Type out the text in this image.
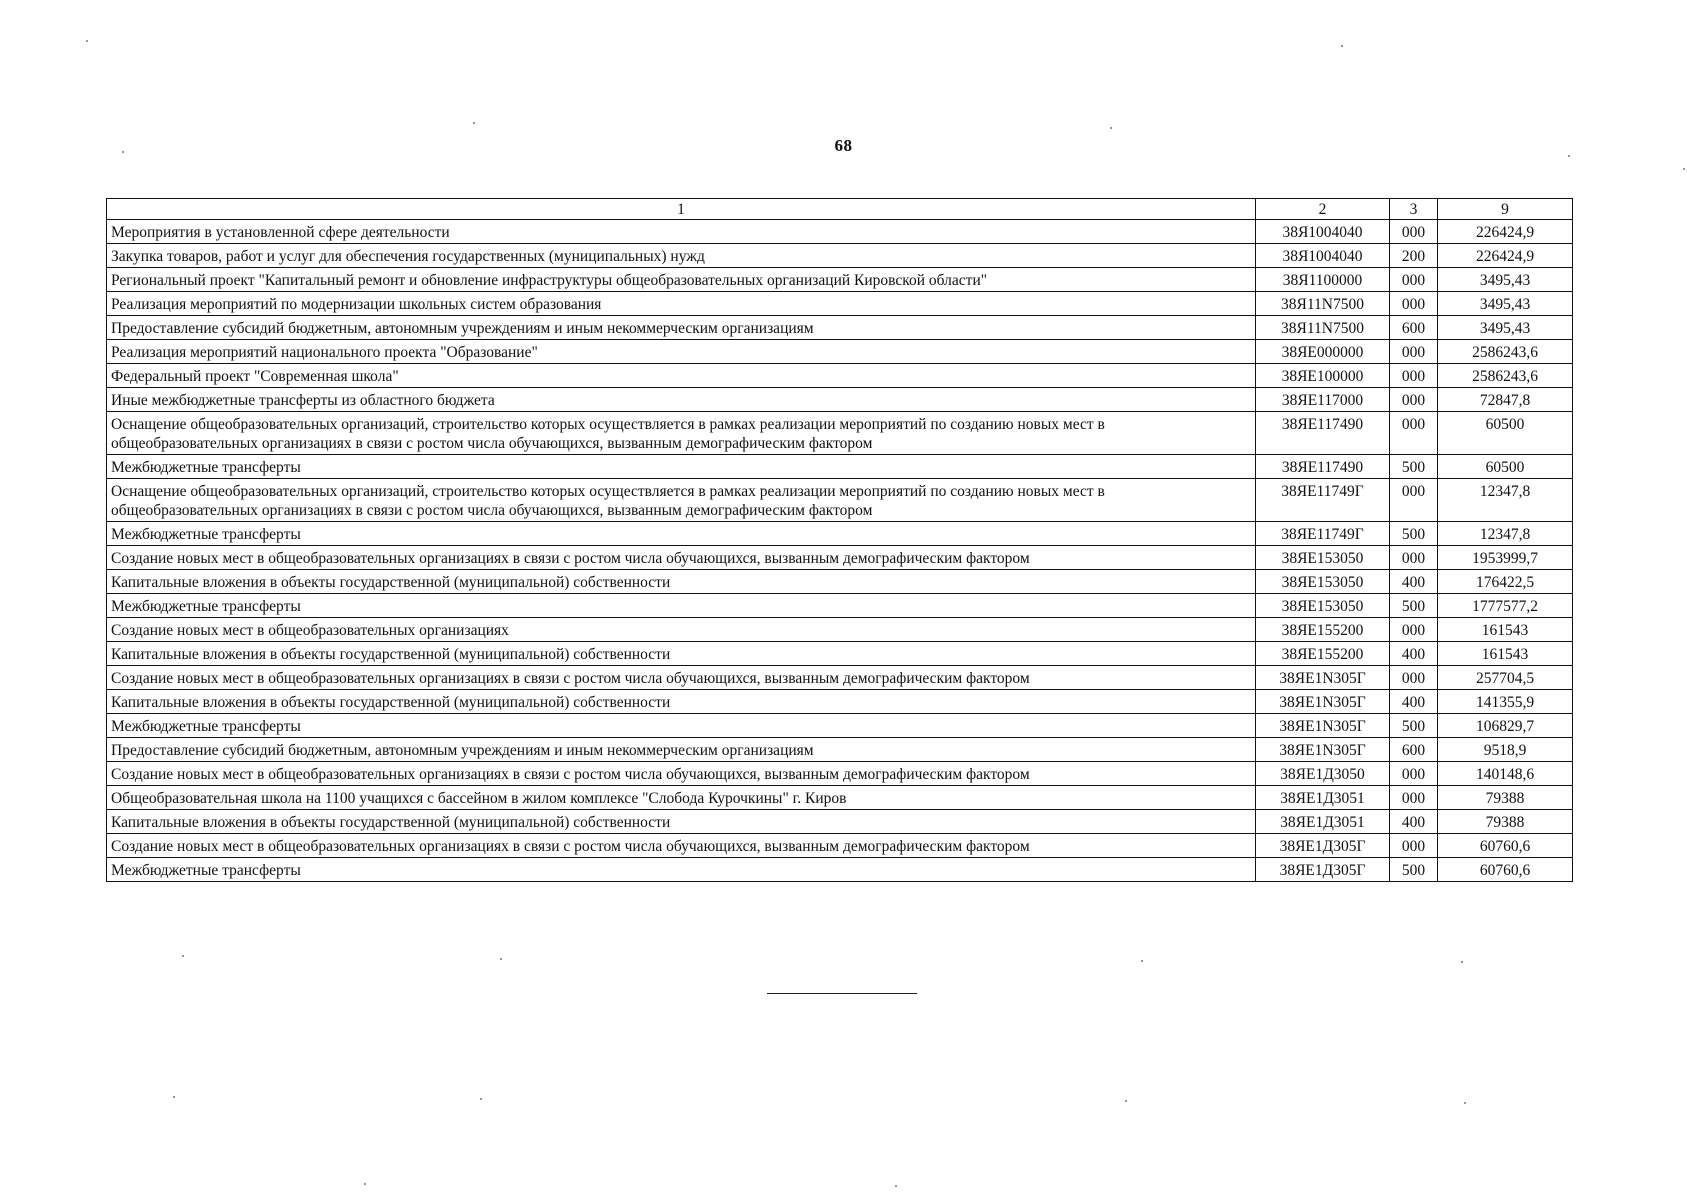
68
1	2	3	9
Мероприятия в установленной сфере деятельности	38Я1004040	000	226424,9
Закупка товаров, работ и услуг для обеспечения государственных (муниципальных) нужд	38Я1004040	200	226424,9
Региональный проект "Капитальный ремонт и обновление инфраструктуры общеобразовательных организаций Кировской области"	38Я1100000	000	3495,43
Реализация мероприятий по модернизации школьных систем образования	38Я11N7500	000	3495,43
Предоставление субсидий бюджетным, автономным учреждениям и иным некоммерческим организациям	38Я11N7500	600	3495,43
Реализация мероприятий национального проекта "Образование"	38ЯЕ000000	000	2586243,6
Федеральный проект "Современная школа"	38ЯЕ100000	000	2586243,6
Иные межбюджетные трансферты из областного бюджета	38ЯЕ117000	000	72847,8
Оснащение общеобразовательных организаций, строительство которых осуществляется в рамках реализации мероприятий по созданию новых мест в общеобразовательных организациях в связи с ростом числа обучающихся, вызванным демографическим фактором	38ЯЕ117490	000	60500
Межбюджетные трансферты	38ЯЕ117490	500	60500
Оснащение общеобразовательных организаций, строительство которых осуществляется в рамках реализации мероприятий по созданию новых мест в общеобразовательных организациях в связи с ростом числа обучающихся, вызванным демографическим фактором	38ЯЕ11749Г	000	12347,8
Межбюджетные трансферты	38ЯЕ11749Г	500	12347,8
Создание новых мест в общеобразовательных организациях в связи с ростом числа обучающихся, вызванным демографическим фактором	38ЯЕ153050	000	1953999,7
Капитальные вложения в объекты государственной (муниципальной) собственности	38ЯЕ153050	400	176422,5
Межбюджетные трансферты	38ЯЕ153050	500	1777577,2
Создание новых мест в общеобразовательных организациях	38ЯЕ155200	000	161543
Капитальные вложения в объекты государственной (муниципальной) собственности	38ЯЕ155200	400	161543
Создание новых мест в общеобразовательных организациях в связи с ростом числа обучающихся, вызванным демографическим фактором	38ЯЕ1N305Г	000	257704,5
Капитальные вложения в объекты государственной (муниципальной) собственности	38ЯЕ1N305Г	400	141355,9
Межбюджетные трансферты	38ЯЕ1N305Г	500	106829,7
Предоставление субсидий бюджетным, автономным учреждениям и иным некоммерческим организациям	38ЯЕ1N305Г	600	9518,9
Создание новых мест в общеобразовательных организациях в связи с ростом числа обучающихся, вызванным демографическим фактором	38ЯЕ1Д3050	000	140148,6
Общеобразовательная школа на 1100 учащихся с бассейном в жилом комплексе "Слобода Курочкины" г. Киров	38ЯЕ1Д3051	000	79388
Капитальные вложения в объекты государственной (муниципальной) собственности	38ЯЕ1Д3051	400	79388
Создание новых мест в общеобразовательных организациях в связи с ростом числа обучающихся, вызванным демографическим фактором	38ЯЕ1Д305Г	000	60760,6
Межбюджетные трансферты	38ЯЕ1Д305Г	500	60760,6
